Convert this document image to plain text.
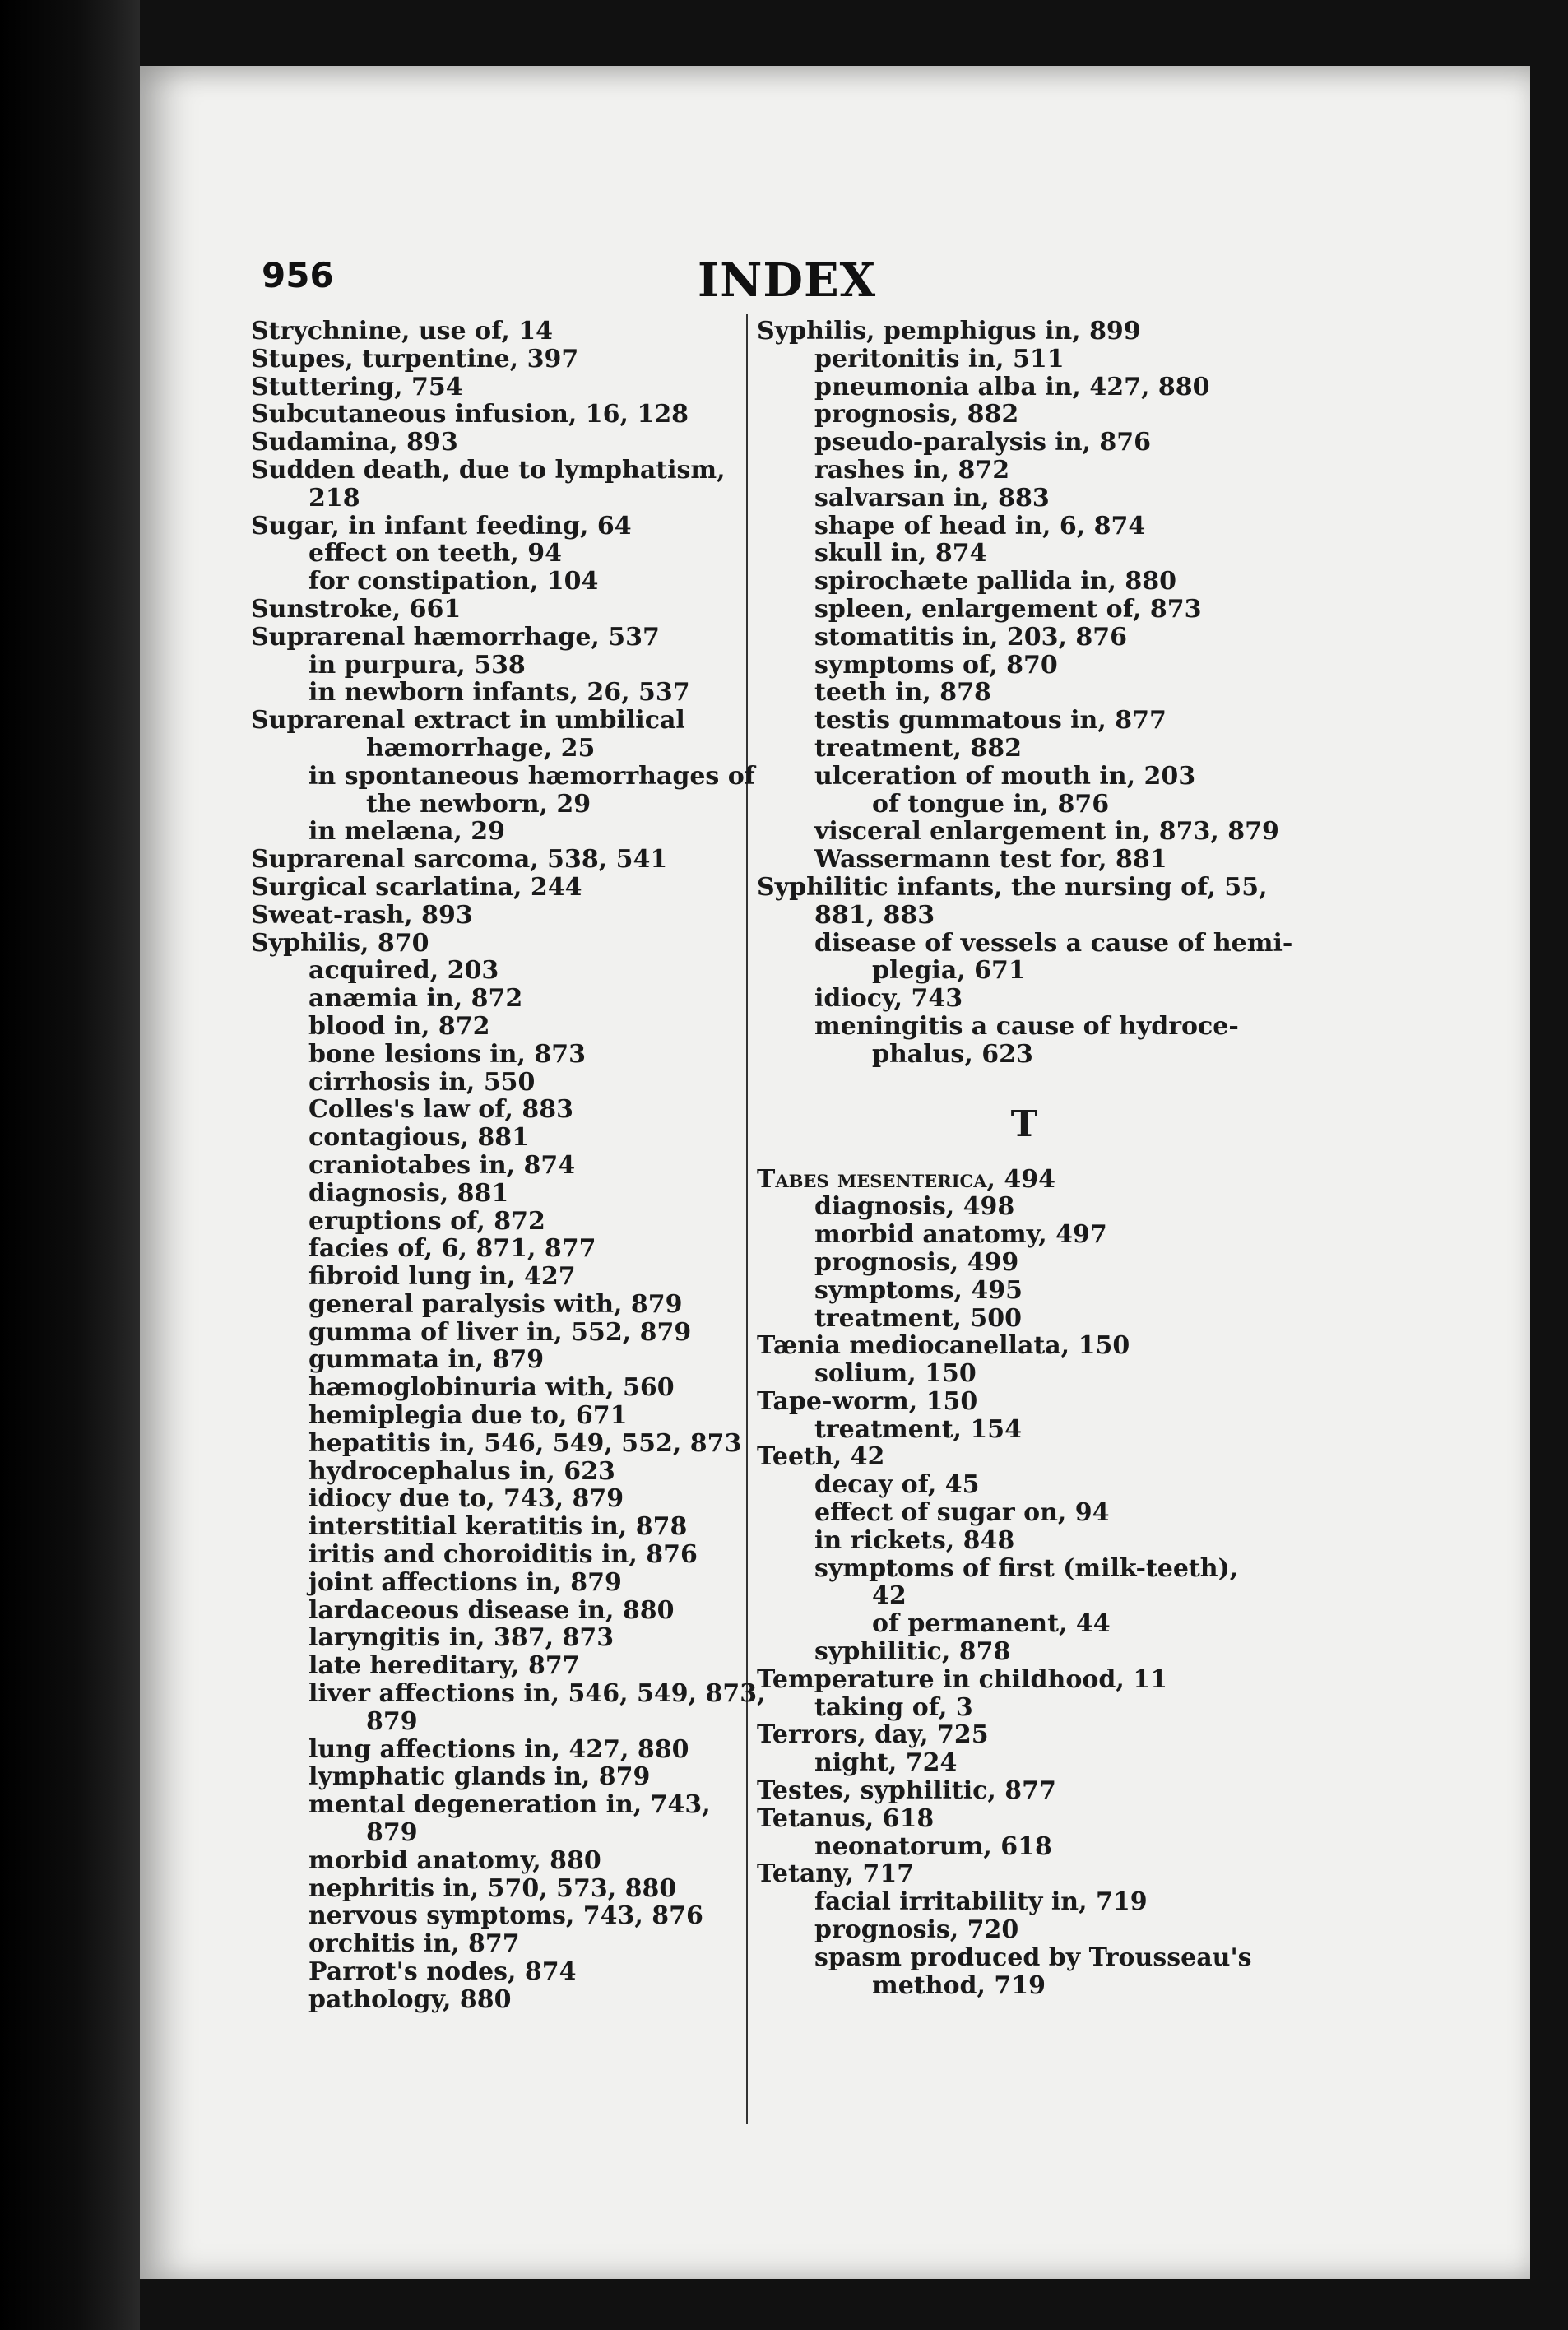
956	INDEX
Strychnine, use of, 14
Stupes, turpentine, 397
Stuttering, 754
Subcutaneous infusion, 16, 128
Sudamina, 893
Sudden death, due to lymphatism,
218
Sugar, in infant feeding, 64
effect on teeth, 94
for constipation, 104
Sunstroke, 661
Suprarenal hæmorrhage, 537
in purpura, 538
in newborn infants, 26, 537
Suprarenal extract in umbilical
hæmorrhage, 25
in spontaneous hæmorrhages of
the newborn, 29
in melæna, 29
Suprarenal sarcoma, 538, 541
Surgical scarlatina, 244
Sweat-rash, 893
Syphilis, 870
acquired, 203
anæmia in, 872
blood in, 872
bone lesions in, 873
cirrhosis in, 550
Colles's law of, 883
contagious, 881
craniotabes in, 874
diagnosis, 881
eruptions of, 872
facies of, 6, 871, 877
fibroid lung in, 427
general paralysis with, 879
gumma of liver in, 552, 879
gummata in, 879
hæmoglobinuria with, 560
hemiplegia due to, 671
hepatitis in, 546, 549, 552, 873
hydrocephalus in, 623
idiocy due to, 743, 879
interstitial keratitis in, 878
iritis and choroiditis in, 876
joint affections in, 879
lardaceous disease in, 880
laryngitis in, 387, 873
late hereditary, 877
liver affections in, 546, 549, 873,
879
lung affections in, 427, 880
lymphatic glands in, 879
mental degeneration in, 743,
879
morbid anatomy, 880
nephritis in, 570, 573, 880
nervous symptoms, 743, 876
orchitis in, 877
Parrot's nodes, 874
pathology, 880
Syphilis, pemphigus in, 899
peritonitis in, 511
pneumonia alba in, 427, 880
prognosis, 882
pseudo-paralysis in, 876
rashes in, 872
salvarsan in, 883
shape of head in, 6, 874
skull in, 874
spirochæte pallida in, 880
spleen, enlargement of, 873
stomatitis in, 203, 876
symptoms of, 870
teeth in, 878
testis gummatous in, 877
treatment, 882
ulceration of mouth in, 203
of tongue in, 876
visceral enlargement in, 873, 879
Wassermann test for, 881
Syphilitic infants, the nursing of, 55,
881, 883
disease of vessels a cause of hemi-
plegia, 671
idiocy, 743
meningitis a cause of hydroce-
phalus, 623
T
Tabes mesenterica, 494
diagnosis, 498
morbid anatomy, 497
prognosis, 499
symptoms, 495
treatment, 500
Tænia mediocanellata, 150
solium, 150
Tape-worm, 150
treatment, 154
Teeth, 42
decay of, 45
effect of sugar on, 94
in rickets, 848
symptoms of first (milk-teeth),
42
of permanent, 44
syphilitic, 878
Temperature in childhood, 11
taking of, 3
Terrors, day, 725
night, 724
Testes, syphilitic, 877
Tetanus, 618
neonatorum, 618
Tetany, 717
facial irritability in, 719
prognosis, 720
spasm produced by Trousseau's
method, 719
